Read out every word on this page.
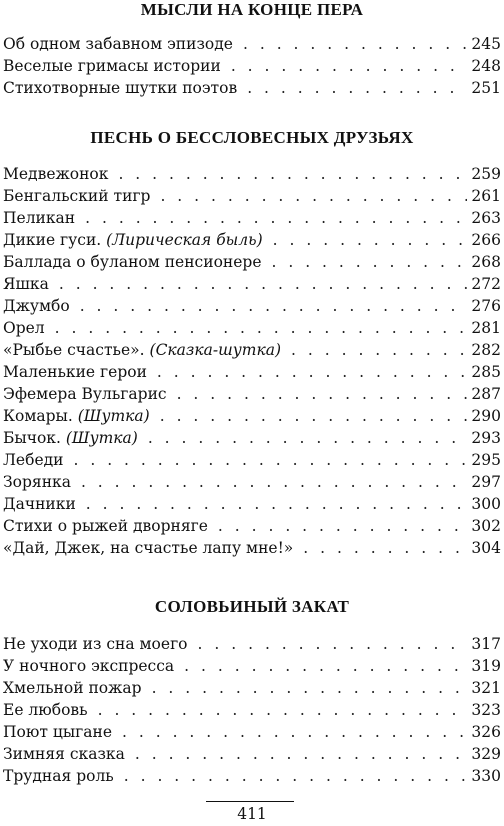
МЫСЛИ НА КОНЦЕ ПЕРА
Об одном забавном эпизоде . . .	245
Веселые гримасы истории . . .	248
Стихотворные шутки поэтов . . .	251
ПЕСНЬ О БЕССЛОВЕСНЫХ ДРУЗЬЯХ
Медвежонок . . .	259
Бенгальский тигр . . .	261
Пеликан . . .	263
Дикие гуси. (Лирическая быль) . . .	266
Баллада о буланом пенсионере . . .	268
Яшка . . .	272
Джумбо . . .	276
Орел . . .	281
«Рыбье счастье». (Сказка-шутка) . . .	282
Маленькие герои . . .	285
Эфемера Вульгарис . . .	287
Комары. (Шутка) . . .	290
Бычок. (Шутка) . . .	293
Лебеди . . .	295
Зорянка . . .	297
Дачники . . .	300
Стихи о рыжей дворняге . . .	302
«Дай, Джек, на счастье лапу мне!» . . .	304
СОЛОВЬИНЫЙ ЗАКАТ
Не уходи из сна моего . . .	317
У ночного экспресса . . .	319
Хмельной пожар . . .	321
Ее любовь . . .	323
Поют цыгане . . .	326
Зимняя сказка . . .	329
Трудная роль . . .	330
411
